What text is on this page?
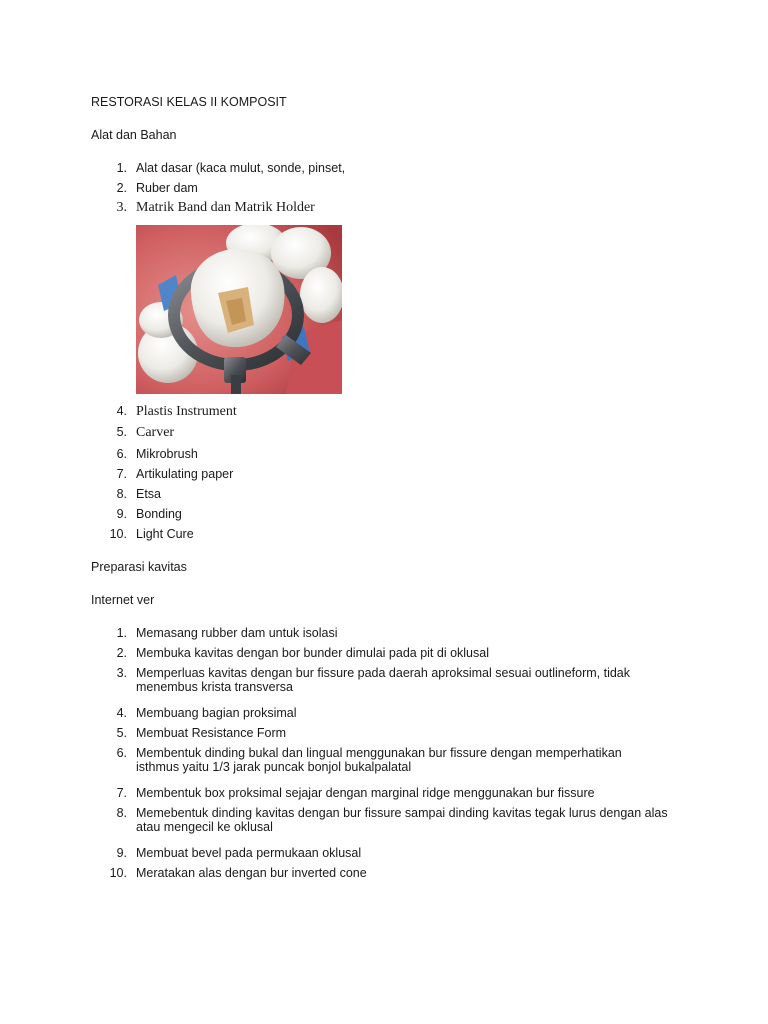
RESTORASI KELAS II KOMPOSIT
Alat dan Bahan
1 . Alat dasar (kaca mulut, sonde, pinset,
2 . Ruber dam
3 . Matrik Band dan Matrik Holder
4 . Plastis Instrument
5 . Carver
6 . Mikrobrush
7 . Artikulating paper
8 . Etsa
9 . Bonding
10 . Light Cure
Preparasi kavitas
Internet ver
1 . Memasang rubber dam untuk isolasi
2 . Membuka kavitas dengan bor bunder dimulai pada pit di oklusal
3 . Memperluas kavitas dengan bur fissure pada daerah aproksimal sesuai outlineform, tidak
menembus krista transversa
4 . Membuang bagian proksimal
5 . Membuat Resistance Form
6 . Membentuk dinding bukal dan lingual menggunakan bur fissure dengan memperhatikan
isthmus yaitu 1/3 jarak puncak bonjol bukalpalatal
7 . Membentuk box proksimal sejajar dengan marginal ridge menggunakan bur fissure
8 . Memebentuk dinding kavitas dengan bur fissure sampai dinding kavitas tegak lurus dengan alas
atau mengecil ke oklusal
9 . Membuat bevel pada permukaan oklusal
10 . Meratakan alas dengan bur inverted cone
